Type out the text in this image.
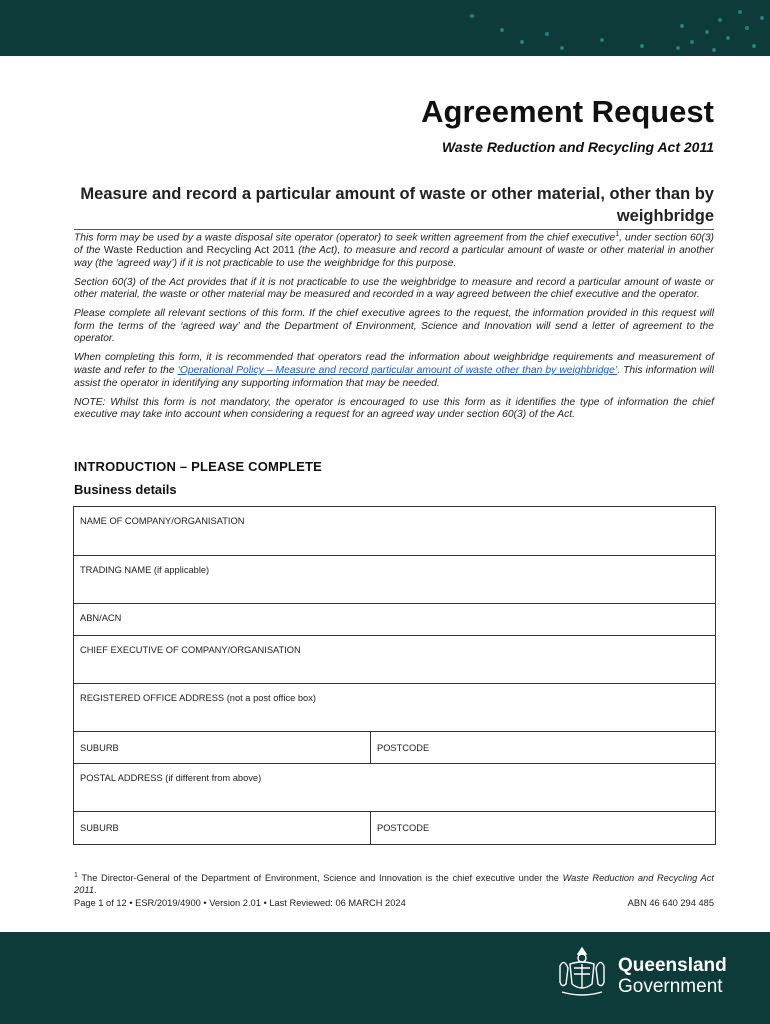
Agreement Request

Waste Reduction and Recycling Act 2011

Measure and record a particular amount of waste or other material, other than by weighbridge

This form may be used by a waste disposal site operator (operator) to seek written agreement from the chief executive$^1$, under section 60(3) of the Waste Reduction and Recycling Act 2011 (the Act), to measure and record a particular amount of waste or other material in another way (the ‘agreed way’) if it is not practicable to use the weighbridge for this purpose.

Section 60(3) of the Act provides that if it is not practicable to use the weighbridge to measure and record a particular amount of waste or other material, the waste or other material may be measured and recorded in a way agreed between the chief executive and the operator.

Please complete all relevant sections of this form. If the chief executive agrees to the request, the information provided in this request will form the terms of the ‘agreed way’ and the Department of Environment, Science and Innovation will send a letter of agreement to the operator.

When completing this form, it is recommended that operators read the information about weighbridge requirements and measurement of waste and refer to the ‘Operational Policy – Measure and record particular amount of waste other than by weighbridge’. This information will assist the operator in identifying any supporting information that may be needed.

NOTE: Whilst this form is not mandatory, the operator is encouraged to use this form as it identifies the type of information the chief executive may take into account when considering a request for an agreed way under section 60(3) of the Act.

INTRODUCTION – PLEASE COMPLETE
Business details
NAME OF COMPANY/ORGANISATION
TRADING NAME (if applicable)
ABN/ACN
CHIEF EXECUTIVE OF COMPANY/ORGANISATION
REGISTERED OFFICE ADDRESS (not a post office box)
SUBURB	POSTCODE
POSTAL ADDRESS (if different from above)
SUBURB	POSTCODE
$^1$ The Director-General of the Department of Environment, Science and Innovation is the chief executive under the Waste Reduction and Recycling Act 2011.
Page 1 of 12 • ESR/2019/4900 • Version 2.01 • Last Reviewed: 06 MARCH 2024	ABN 46 640 294 485
Queensland
Government
